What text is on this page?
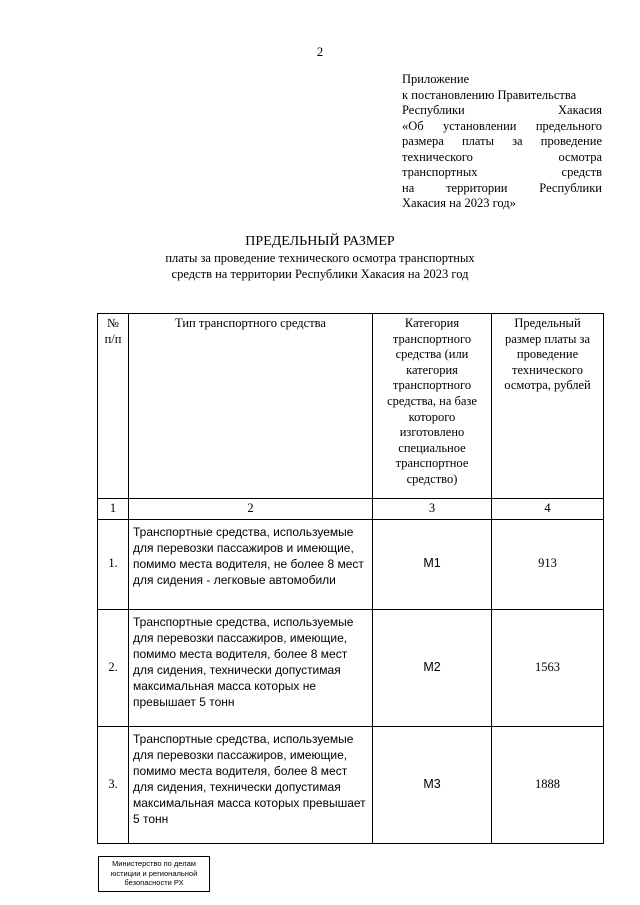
2
Приложение
к постановлению Правительства
Республики Хакасия
«Об установлении предельного
размера платы за проведение
технического осмотра
транспортных средств
на территории Республики
Хакасия на 2023 год»
ПРЕДЕЛЬНЫЙ РАЗМЕР
платы за проведение технического осмотра транспортных
средств на территории Республики Хакасия на 2023 год
№ п/п	Тип транспортного средства	Категория транспортного средства (или категория транспортного средства, на базе которого изготовлено специальное транспортное средство)	Предельный размер платы за проведение технического осмотра, рублей
1	2	3	4
1.	Транспортные средства, используемые для перевозки пассажиров и имеющие, помимо места водителя, не более 8 мест для сидения - легковые автомобили	M1	913
2.	Транспортные средства, используемые для перевозки пассажиров, имеющие, помимо места водителя, более 8 мест для сидения, технически допустимая максимальная масса которых не превышает 5 тонн	M2	1563
3.	Транспортные средства, используемые для перевозки пассажиров, имеющие, помимо места водителя, более 8 мест для сидения, технически допустимая максимальная масса которых превышает 5 тонн	M3	1888
Министерство по делам
юстиции и региональной
безопасности РХ
